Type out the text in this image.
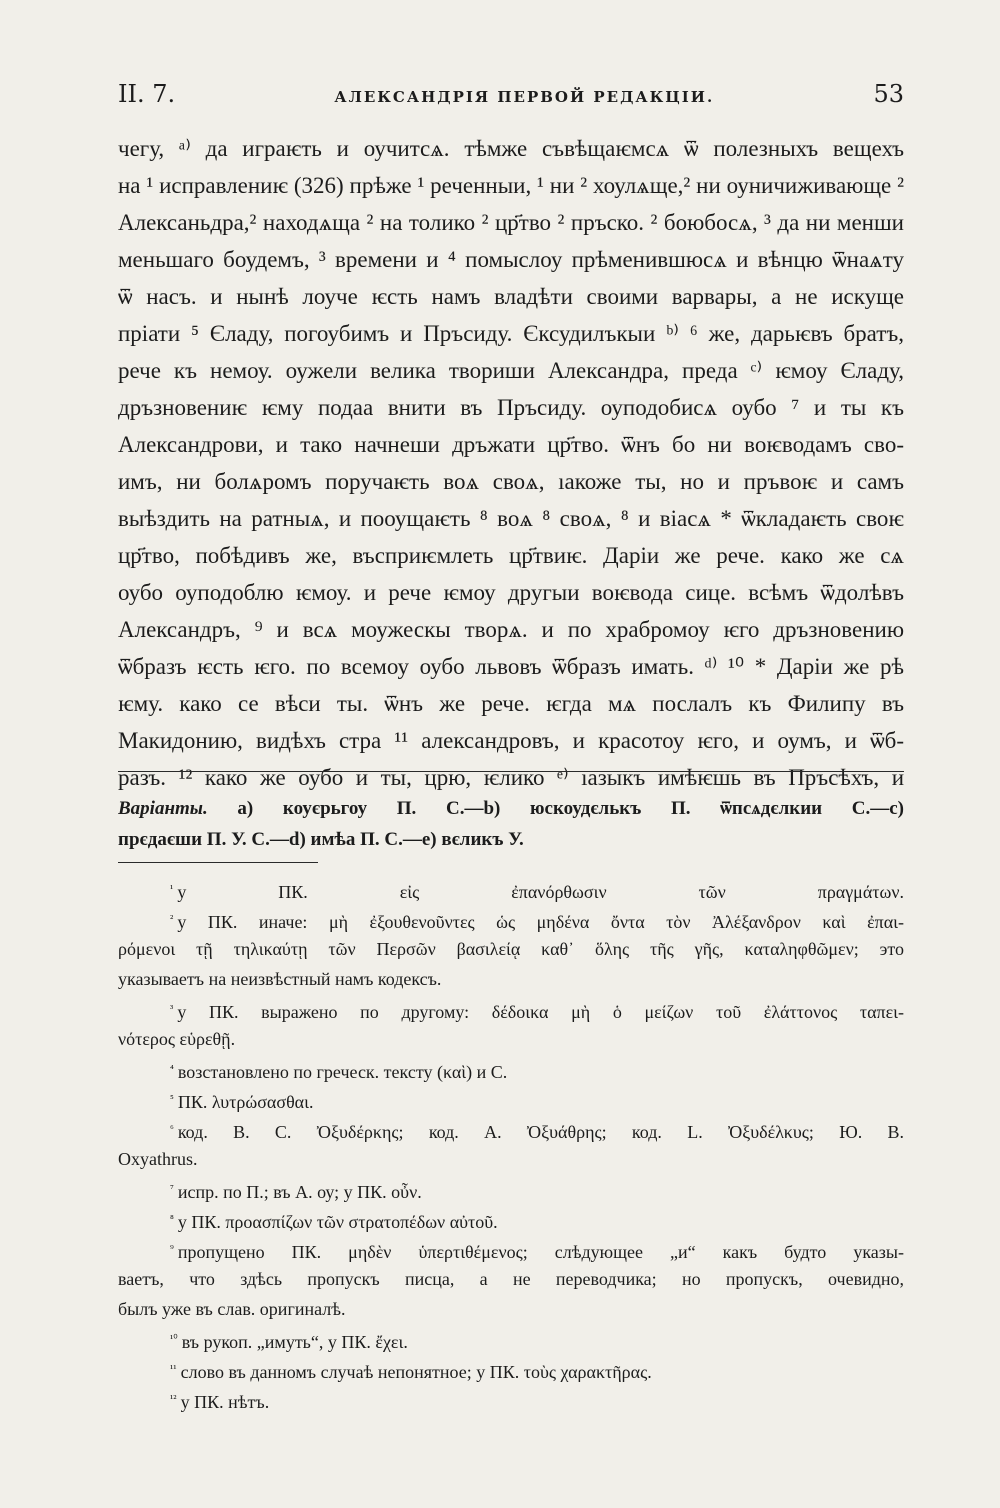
II. 7.	АЛЕКСАНДРІЯ ПЕРВОЙ РЕДАКЦІИ.	53
чегу, ᵃ⁾ да играѥть и оучитсѧ. тѣмже съвѣщаѥмсѧ ѿ полезныхъ вещехъ
на ¹ исправлениѥ (326) прѣже ¹ реченныи, ¹ ни ² хоулѧще,² ни оуничиживающе ²
Алексаньдра,² находѧща ² на толико ² цр҃тво ² пръско. ² боюбосѧ, ³ да ни менши
меньшаго боудемъ, ³ времени и ⁴ помыслоу прѣменившюсѧ и вѣнцю ѿнаѧту
ѿ насъ. и нынѣ лоуче ѥсть намъ владѣти своими варвары, а не искуще
прiати ⁵ Єладу, погоубимъ и Пръсиду. Єксудилъкыи ᵇ⁾ ⁶ же, дарьѥвъ братъ,
рече къ немоу. оужели велика твориши Александра, преда ᶜ⁾ ѥмоу Єладу,
дръзновениѥ ѥму подаа внити въ Пръсиду. оуподобисѧ оубо ⁷ и ты къ
Александрови, и тако начнеши дръжати цр҃тво. ѿнъ бо ни воѥводамъ сво-
имъ, ни болѧромъ поручаѥть воѧ своѧ, ıакоже ты, но и пръвоѥ и самъ
выѣздить на ратныѧ, и пооущаѥть ⁸ воѧ ⁸ своѧ, ⁸ и вiасѧ * ѿкладаѥть своѥ
цр҃тво, побѣдивъ же, въсприѥмлеть цр҃твиѥ. Дарiи же рече. како же сѧ
оубо оуподоблю ѥмоу. и рече ѥмоу другыи воѥвода сице. всѣмъ ѿдолѣвъ
Александръ, ⁹ и всѧ моужескы творѧ. и по храбромоу ѥго дръзновению
ѿбразъ ѥсть ѥго. по всемоу оубо львовъ ѿбразъ имать. ᵈ⁾ ¹⁰ * Дарiи же рѣ
ѥму. како се вѣси ты. ѿнъ же рече. ѥгда мѧ послалъ къ Филипу въ
Макидонию, видѣхъ стра ¹¹ александровъ, и красотоу ѥго, и оумъ, и ѿб-
разъ. ¹² како же оубо и ты, црю, ѥлико ᵉ⁾ ıазыкъ имѣѥшь въ Пръсѣхъ, и
Варiанты. а) коуєрьгоу П. С.—b) юскоудєлькъ П. ѿпсѧдєлкии С.—с)
прєдаєши П. У. С.—d) имѣа П. С.—e) вєликъ У.
$^{^1}$ у ПК. εἰς ἐπανόρθωσιν τῶν πραγμάτων.
$^{^2}$ у ПК. иначе: μὴ ἐξουθενοῦντες ὡς μηδένα ὄντα τὸν Ἀλέξανδρον καὶ ἐπαι-
ρόμενοι τῇ τηλικαύτῃ τῶν Περσῶν βασιλείᾳ καθ᾽ ὅλης τῆς γῆς, καταληφθῶμεν; это
указываетъ на неизвѣстный намъ кодексъ.
$^{^3}$ у ПК. выражено по другому: δέδοικα μὴ ὁ μείζων τοῦ ἐλάττονος ταπει-
νότερος εὑρεθῇ.
$^{^4}$ возстановлено по греческ. тексту (καὶ) и С.
$^{^5}$ ПК. λυτρώσασθαι.
$^{^6}$ код. В. С. Ὀξυδέρκης; код. А. Ὀξυάθρης; код. L. Ὀξυδέλκυς; Ю. В.
Oxyathrus.
$^{^7}$ испр. по П.; въ А. оу; у ПК. οὖν.
$^{^8}$ у ПК. προασπίζων τῶν στρατοπέδων αὐτοῦ.
$^{^9}$ пропущено ПК. μηδὲν ὑπερτιθέμενος; слѣдующее „и“ какъ будто указы-
ваетъ, что здѣсь пропускъ писца, а не переводчика; но пропускъ, очевидно,
былъ уже въ слав. оригиналѣ.
$^{^{10}}$ въ рукоп. „имуть“, у ПК. ἔχει.
$^{^{11}}$ слово въ данномъ случаѣ непонятное; у ПК. τοὺς χαρακτῆρας.
$^{^{12}}$ у ПК. нѣтъ.
